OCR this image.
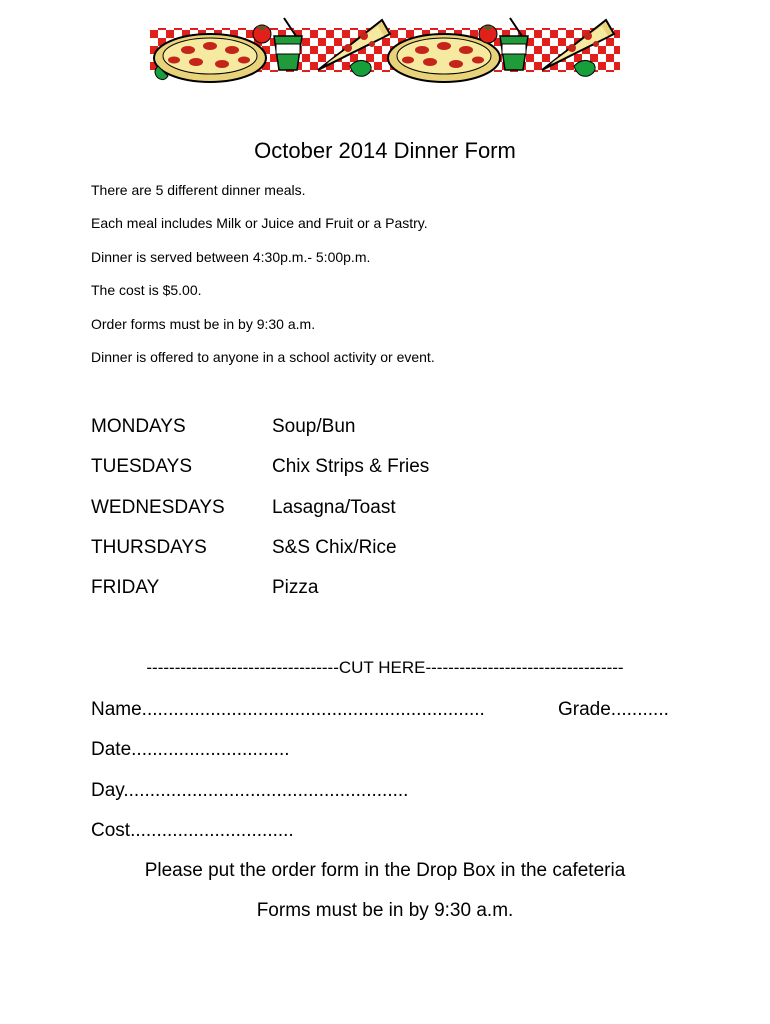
October 2014 Dinner Form
There are 5 different dinner meals.
Each meal includes Milk or Juice and Fruit or a Pastry.
Dinner is served between 4:30p.m.- 5:00p.m.
The cost is $5.00.
Order forms must be in by 9:30 a.m.
Dinner is offered to anyone in a school activity or event.
MONDAYS	Soup/Bun
TUESDAYS	Chix Strips & Fries
WEDNESDAYS Lasagna/Toast
THURSDAYS	S&S Chix/Rice
FRIDAY	Pizza
----------------------------------CUT HERE-----------------------------------
Name.................................................................	Grade...........
Date..............................
Day......................................................
Cost...............................
Please put the order form in the Drop Box in the cafeteria
Forms must be in by 9:30 a.m.
